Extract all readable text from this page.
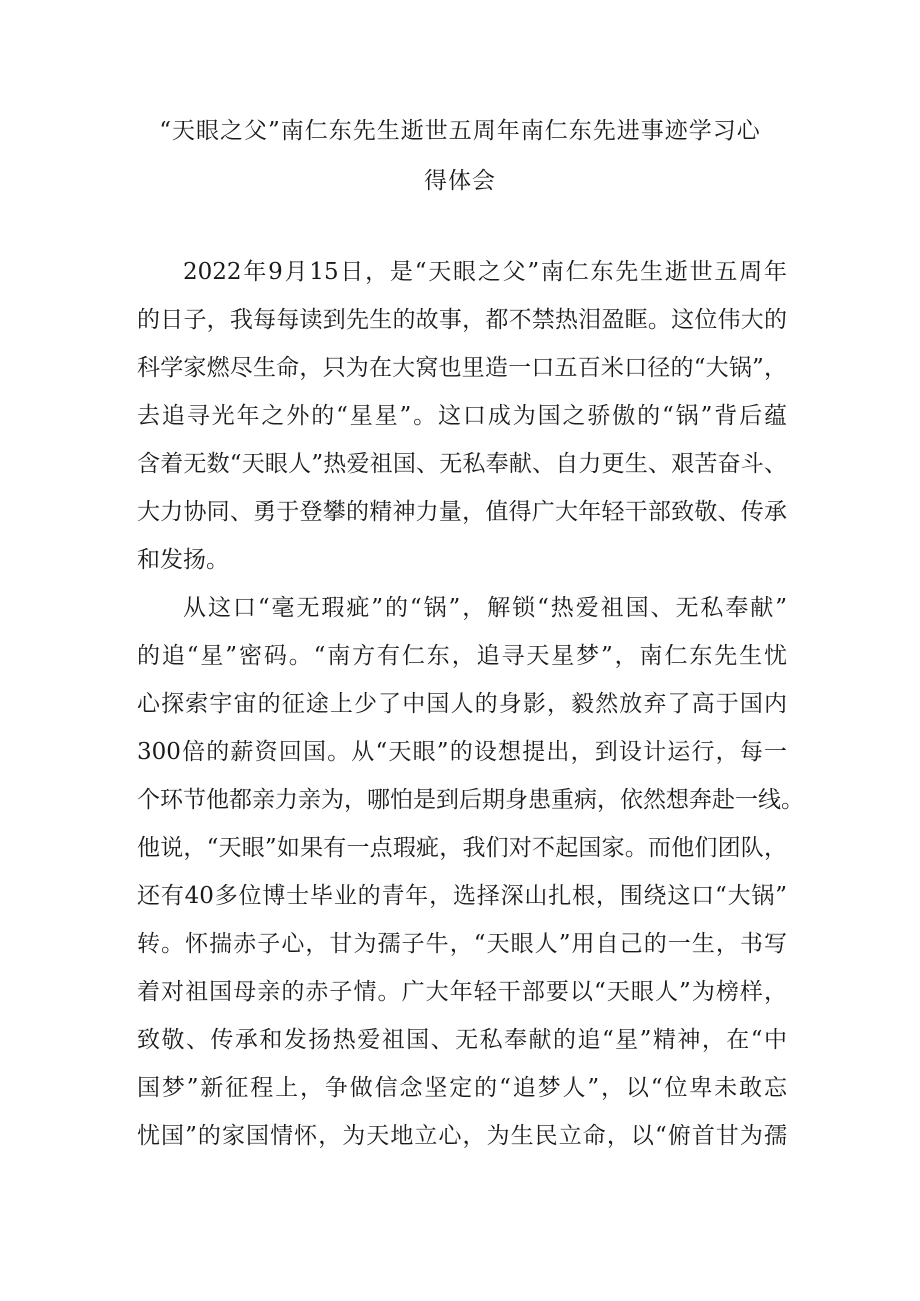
“天眼之父”南仁东先生逝世五周年南仁东先进事迹学习心
得体会
2022年9月15日，是“天眼之父”南仁东先生逝世五周年
的日子，我每每读到先生的故事，都不禁热泪盈眶。这位伟大的
科学家燃尽生命，只为在大窝也里造一口五百米口径的“大锅”，
去追寻光年之外的“星星”。这口成为国之骄傲的“锅”背后蕴
含着无数“天眼人”热爱祖国、无私奉献、自力更生、艰苦奋斗、
大力协同、勇于登攀的精神力量，值得广大年轻干部致敬、传承
和发扬。
从这口“毫无瑕疵”的“锅”，解锁“热爱祖国、无私奉献”
的追“星”密码。“南方有仁东，追寻天星梦”，南仁东先生忧
心探索宇宙的征途上少了中国人的身影，毅然放弃了高于国内
300倍的薪资回国。从“天眼”的设想提出，到设计运行，每一
个环节他都亲力亲为，哪怕是到后期身患重病，依然想奔赴一线。
他说，“天眼”如果有一点瑕疵，我们对不起国家。而他们团队，
还有40多位博士毕业的青年，选择深山扎根，围绕这口“大锅”
转。怀揣赤子心，甘为孺子牛，“天眼人”用自己的一生，书写
着对祖国母亲的赤子情。广大年轻干部要以“天眼人”为榜样，
致敬、传承和发扬热爱祖国、无私奉献的追“星”精神，在“中
国梦”新征程上，争做信念坚定的“追梦人”，以“位卑未敢忘
忧国”的家国情怀，为天地立心，为生民立命，以“俯首甘为孺
